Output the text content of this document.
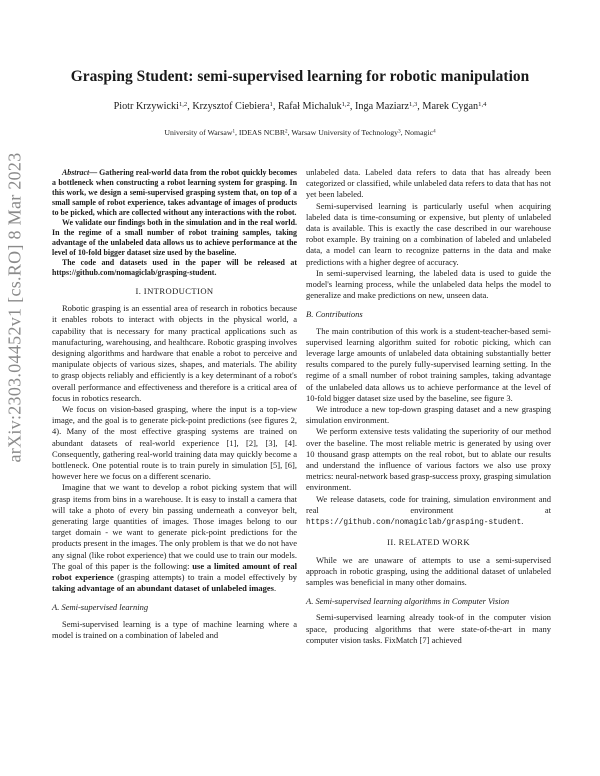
arXiv:2303.04452v1 [cs.RO] 8 Mar 2023
Grasping Student: semi-supervised learning for robotic manipulation
Piotr Krzywicki$^{1,2}$, Krzysztof Ciebiera$^1$, Rafał Michaluk$^{1,2}$, Inga Maziarz$^{1,3}$, Marek Cygan$^{1,4}$
University of Warsaw$^1$, IDEAS NCBR$^2$, Warsaw University of Technology$^3$, Nomagic$^4$

Abstract— Gathering real-world data from the robot quickly becomes a bottleneck when constructing a robot learning system for grasping. In this work, we design a semi-supervised grasping system that, on top of a small sample of robot experience, takes advantage of images of products to be picked, which are collected without any interactions with the robot.

We validate our findings both in the simulation and in the real world. In the regime of a small number of robot training samples, taking advantage of the unlabeled data allows us to achieve performance at the level of 10-fold bigger dataset size used by the baseline.

The code and datasets used in the paper will be released at https://github.com/nomagiclab/grasping-student.

I. INTRODUCTION

Robotic grasping is an essential area of research in robotics because it enables robots to interact with objects in the physical world, a capability that is necessary for many practical applications such as manufacturing, warehousing, and healthcare. Robotic grasping involves designing algorithms and hardware that enable a robot to perceive and manipulate objects of various sizes, shapes, and materials. The ability to grasp objects reliably and efficiently is a key determinant of a robot's overall performance and effectiveness and therefore is a critical area of focus in robotics research.

We focus on vision-based grasping, where the input is a top-view image, and the goal is to generate pick-point predictions (see figures 2, 4). Many of the most effective grasping systems are trained on abundant datasets of real-world experience [1], [2], [3], [4]. Consequently, gathering real-world training data may quickly become a bottleneck. One potential route is to train purely in simulation [5], [6], however here we focus on a different scenario.

Imagine that we want to develop a robot picking system that will grasp items from bins in a warehouse. It is easy to install a camera that will take a photo of every bin passing underneath a conveyor belt, generating large quantities of images. Those images belong to our target domain - we want to generate pick-point predictions for the products present in the images. The only problem is that we do not have any signal (like robot experience) that we could use to train our models. The goal of this paper is the following: use a limited amount of real robot experience (grasping attempts) to train a model effectively by taking advantage of an abundant dataset of unlabeled images.

A. Semi-supervised learning

Semi-supervised learning is a type of machine learning where a model is trained on a combination of labeled and

unlabeled data. Labeled data refers to data that has already been categorized or classified, while unlabeled data refers to data that has not yet been labeled.

Semi-supervised learning is particularly useful when acquiring labeled data is time-consuming or expensive, but plenty of unlabeled data is available. This is exactly the case described in our warehouse robot example. By training on a combination of labeled and unlabeled data, a model can learn to recognize patterns in the data and make predictions with a higher degree of accuracy.

In semi-supervised learning, the labeled data is used to guide the model's learning process, while the unlabeled data helps the model to generalize and make predictions on new, unseen data.

B. Contributions

The main contribution of this work is a student-teacher-based semi-supervised learning algorithm suited for robotic picking, which can leverage large amounts of unlabeled data obtaining substantially better results compared to the purely fully-supervised learning setting. In the regime of a small number of robot training samples, taking advantage of the unlabeled data allows us to achieve performance at the level of 10-fold bigger dataset size used by the baseline, see figure 3.

We introduce a new top-down grasping dataset and a new grasping simulation environment.

We perform extensive tests validating the superiority of our method over the baseline. The most reliable metric is generated by using over 10 thousand grasp attempts on the real robot, but to ablate our results and understand the influence of various factors we also use proxy metrics: neural-network based grasp-success proxy, grasping simulation environment.

We release datasets, code for training, simulation environment and real environment at https://github.com/nomagiclab/grasping-student.

II. RELATED WORK

While we are unaware of attempts to use a semi-supervised approach in robotic grasping, using the additional dataset of unlabeled samples was beneficial in many other domains.

A. Semi-supervised learning algorithms in Computer Vision

Semi-supervised learning already took-of in the computer vision space, producing algorithms that were state-of-the-art in many computer vision tasks. FixMatch [7] achieved
